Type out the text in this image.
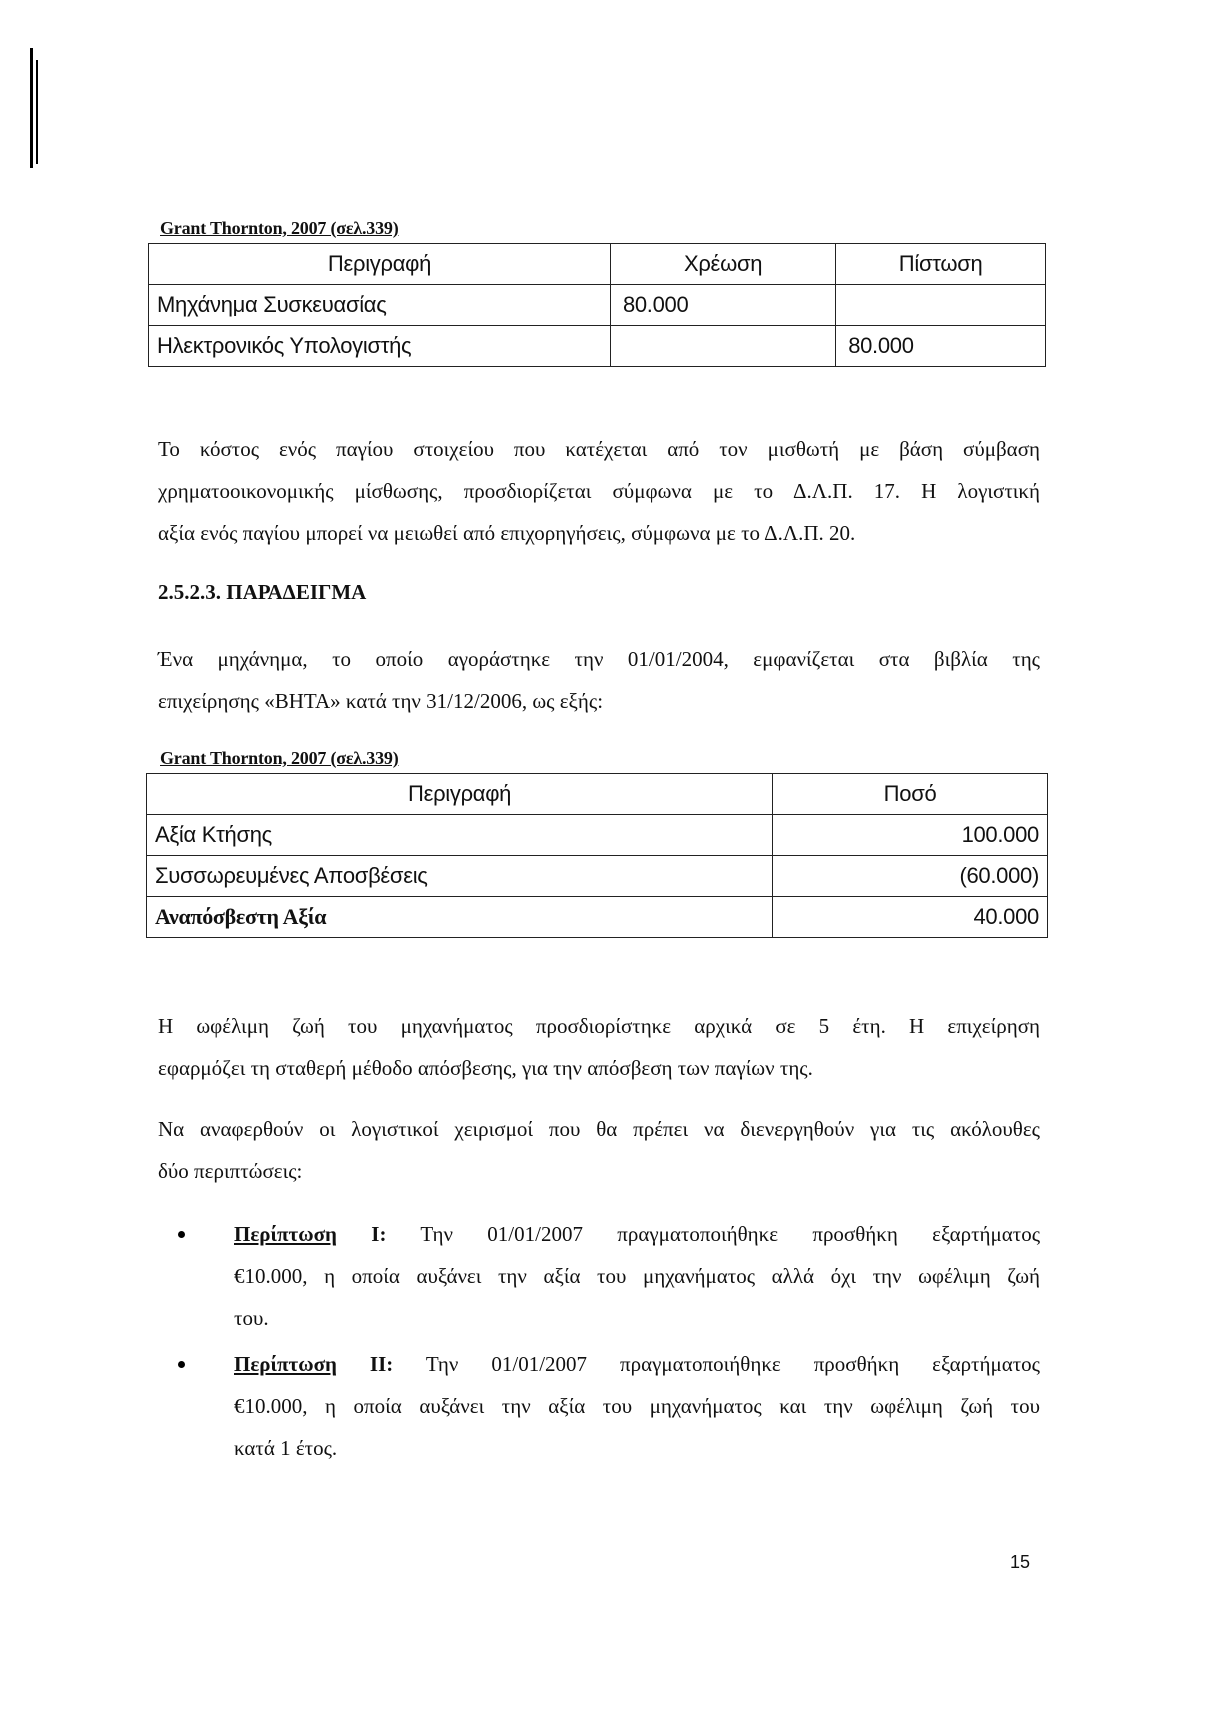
Grant Thornton, 2007 (σελ.339)
Περιγραφή	Χρέωση	Πίστωση
Μηχάνημα Συσκευασίας	80.000	
Ηλεκτρονικός Υπολογιστής		80.000
Το κόστος ενός παγίου στοιχείου που κατέχεται από τον μισθωτή με βάση σύμβαση
χρηματοοικονομικής μίσθωσης, προσδιορίζεται σύμφωνα με το Δ.Λ.Π. 17. Η λογιστική
αξία ενός παγίου μπορεί να μειωθεί από επιχορηγήσεις, σύμφωνα με το Δ.Λ.Π. 20.
2.5.2.3. ΠΑΡΑΔΕΙΓΜΑ
Ένα μηχάνημα, το οποίο αγοράστηκε την 01/01/2004, εμφανίζεται στα βιβλία της
επιχείρησης «ΒΗΤΑ» κατά την 31/12/2006, ως εξής:
Grant Thornton, 2007 (σελ.339)
Περιγραφή	Ποσό
Αξία Κτήσης	100.000
Συσσωρευμένες Αποσβέσεις	(60.000)
Αναπόσβεστη Αξία	40.000
Η ωφέλιμη ζωή του μηχανήματος προσδιορίστηκε αρχικά σε 5 έτη. Η επιχείρηση
εφαρμόζει τη σταθερή μέθοδο απόσβεσης, για την απόσβεση των παγίων της.
Να αναφερθούν οι λογιστικοί χειρισμοί που θα πρέπει να διενεργηθούν για τις ακόλουθες
δύο περιπτώσεις:
Περίπτωση Ι: Την 01/01/2007 πραγματοποιήθηκε προσθήκη εξαρτήματος
€10.000, η οποία αυξάνει την αξία του μηχανήματος αλλά όχι την ωφέλιμη ζωή
του.
Περίπτωση ΙΙ: Την 01/01/2007 πραγματοποιήθηκε προσθήκη εξαρτήματος
€10.000, η οποία αυξάνει την αξία του μηχανήματος και την ωφέλιμη ζωή του
κατά 1 έτος.
15
